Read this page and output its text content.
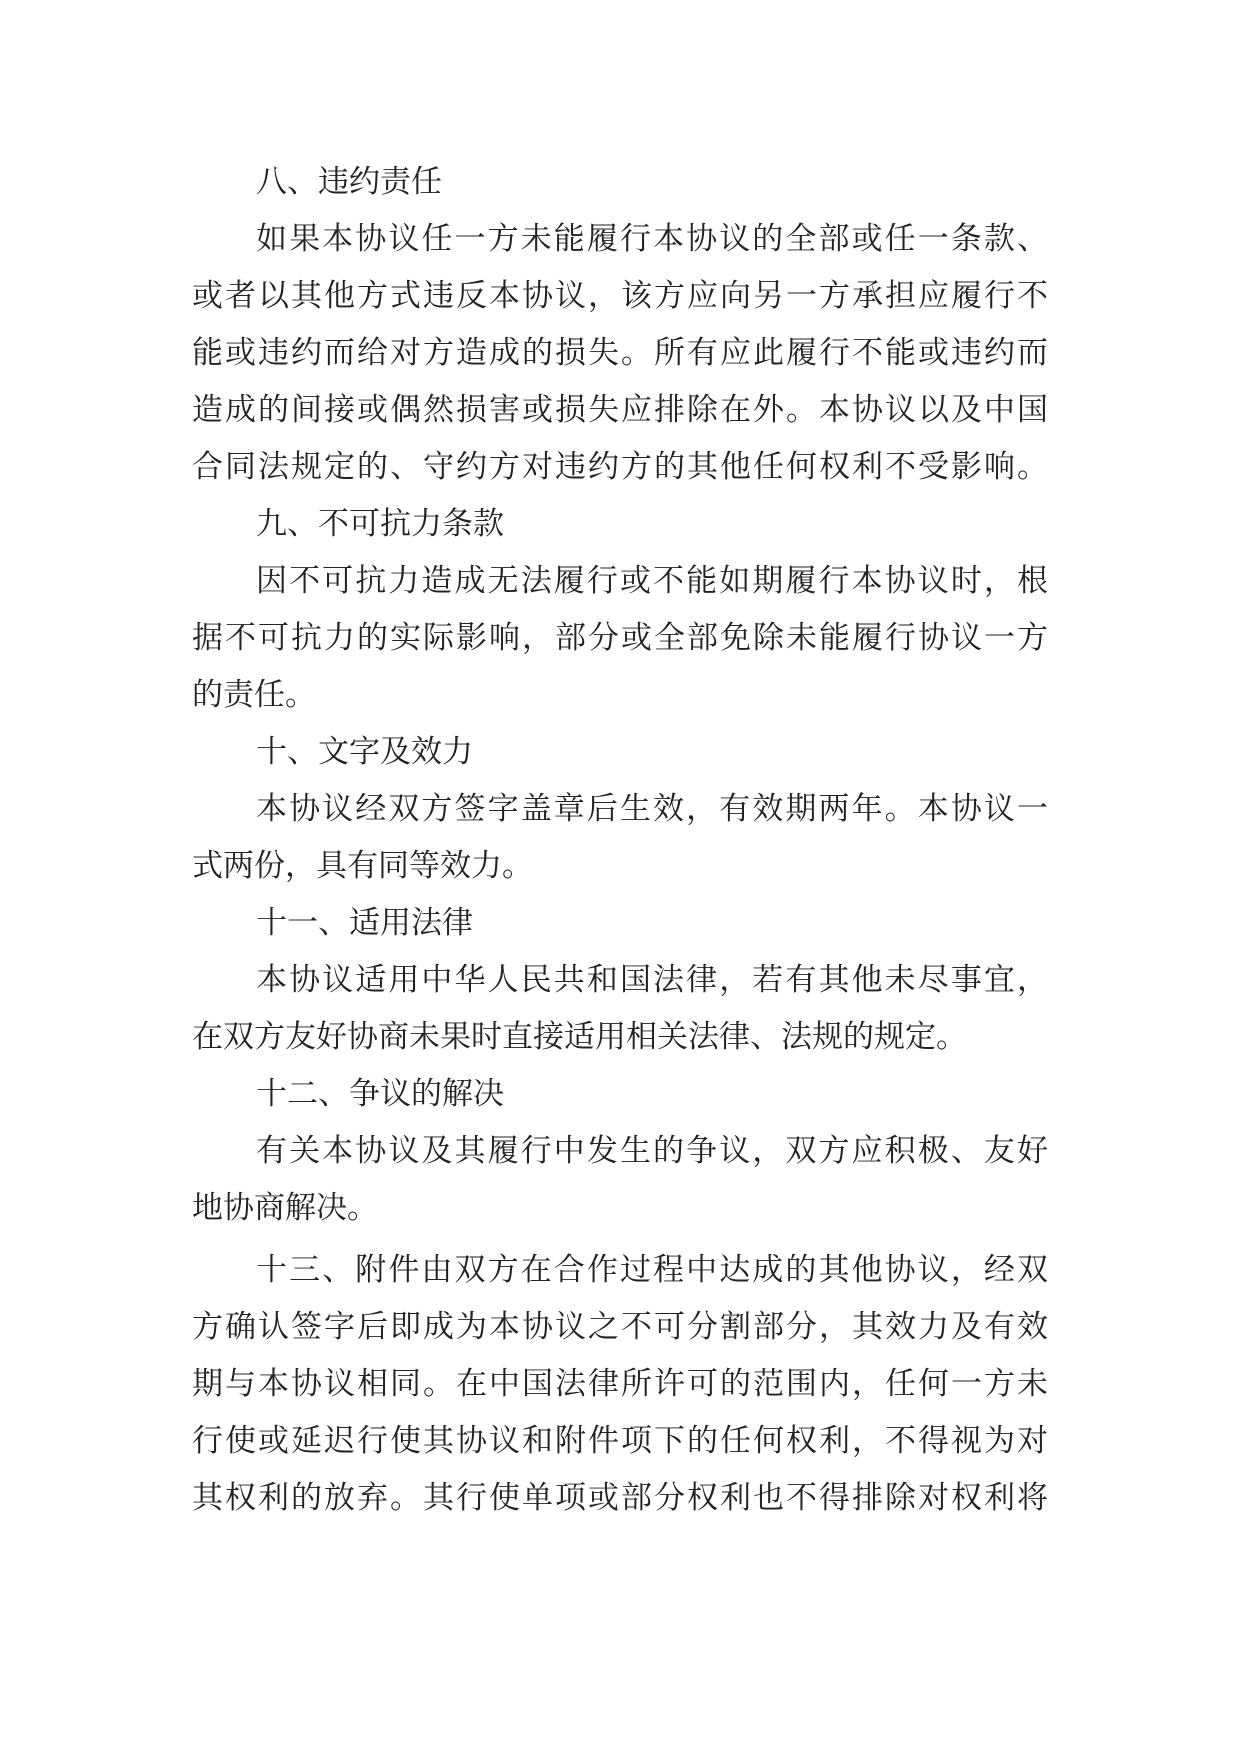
八、违约责任

如果本协议任一方未能履行本协议的全部或任一条款、

或者以其他方式违反本协议，该方应向另一方承担应履行不

能或违约而给对方造成的损失。所有应此履行不能或违约而

造成的间接或偶然损害或损失应排除在外。本协议以及中国

合同法规定的、守约方对违约方的其他任何权利不受影响。

九、不可抗力条款

因不可抗力造成无法履行或不能如期履行本协议时，根

据不可抗力的实际影响，部分或全部免除未能履行协议一方

的责任。

十、文字及效力

本协议经双方签字盖章后生效，有效期两年。本协议一

式两份，具有同等效力。

十一、适用法律

本协议适用中华人民共和国法律，若有其他未尽事宜，

在双方友好协商未果时直接适用相关法律、法规的规定。

十二、争议的解决

有关本协议及其履行中发生的争议，双方应积极、友好

地协商解决。

十三、附件由双方在合作过程中达成的其他协议，经双

方确认签字后即成为本协议之不可分割部分，其效力及有效

期与本协议相同。在中国法律所许可的范围内，任何一方未

行使或延迟行使其协议和附件项下的任何权利，不得视为对

其权利的放弃。其行使单项或部分权利也不得排除对权利将
